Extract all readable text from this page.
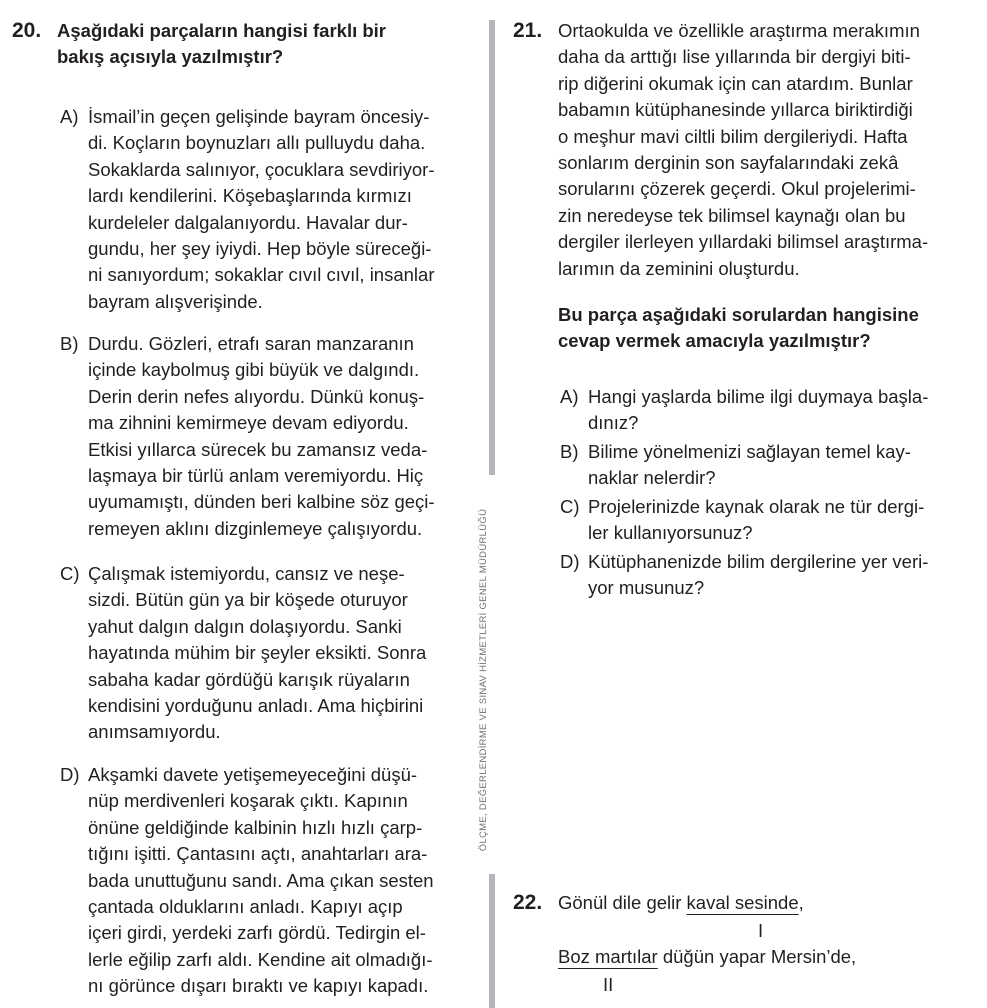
20. Aşağıdaki parçaların hangisi farklı bir
bakış açısıyla yazılmıştır?
A) İsmail’in geçen gelişinde bayram öncesiy-
di. Koçların boynuzları allı pulluydu daha.
Sokaklarda salınıyor, çocuklara sevdiriyor-
lardı kendilerini. Köşebaşlarında kırmızı
kurdeleler dalgalanıyordu. Havalar dur-
gundu, her şey iyiydi. Hep böyle süreceği-
ni sanıyordum; sokaklar cıvıl cıvıl, insanlar
bayram alışverişinde.
B) Durdu. Gözleri, etrafı saran manzaranın
içinde kaybolmuş gibi büyük ve dalgındı.
Derin derin nefes alıyordu. Dünkü konuş-
ma zihnini kemirmeye devam ediyordu.
Etkisi yıllarca sürecek bu zamansız veda-
laşmaya bir türlü anlam veremiyordu. Hiç
uyumamıştı, dünden beri kalbine söz geçi-
remeyen aklını dizginlemeye çalışıyordu.
C) Çalışmak istemiyordu, cansız ve neşe-
sizdi. Bütün gün ya bir köşede oturuyor
yahut dalgın dalgın dolaşıyordu. Sanki
hayatında mühim bir şeyler eksikti. Sonra
sabaha kadar gördüğü karışık rüyaların
kendisini yorduğunu anladı. Ama hiçbirini
anımsamıyordu.
D) Akşamki davete yetişemeyeceğini düşü-
nüp merdivenleri koşarak çıktı. Kapının
önüne geldiğinde kalbinin hızlı hızlı çarp-
tığını işitti. Çantasını açtı, anahtarları ara-
bada unuttuğunu sandı. Ama çıkan sesten
çantada olduklarını anladı. Kapıyı açıp
içeri girdi, yerdeki zarfı gördü. Tedirgin el-
lerle eğilip zarfı aldı. Kendine ait olmadığı-
nı görünce dışarı bıraktı ve kapıyı kapadı.
ÖLÇME, DEĞERLENDİRME VE SINAV HİZMETLERİ GENEL MÜDÜRLÜĞÜ
21. Ortaokulda ve özellikle araştırma merakımın
daha da arttığı lise yıllarında bir dergiyi biti-
rip diğerini okumak için can atardım. Bunlar
babamın kütüphanesinde yıllarca biriktirdiği
o meşhur mavi ciltli bilim dergileriydi. Hafta
sonlarım derginin son sayfalarındaki zekâ
sorularını çözerek geçerdi. Okul projelerimi-
zin neredeyse tek bilimsel kaynağı olan bu
dergiler ilerleyen yıllardaki bilimsel araştırma-
larımın da zeminini oluşturdu.
Bu parça aşağıdaki sorulardan hangisine
cevap vermek amacıyla yazılmıştır?
A) Hangi yaşlarda bilime ilgi duymaya başla-
dınız?
B) Bilime yönelmenizi sağlayan temel kay-
naklar nelerdir?
C) Projelerinizde kaynak olarak ne tür dergi-
ler kullanıyorsunuz?
D) Kütüphanenizde bilim dergilerine yer veri-
yor musunuz?
22. Gönül dile gelir kaval sesinde,
I
Boz martılar düğün yapar Mersin’de,
II
